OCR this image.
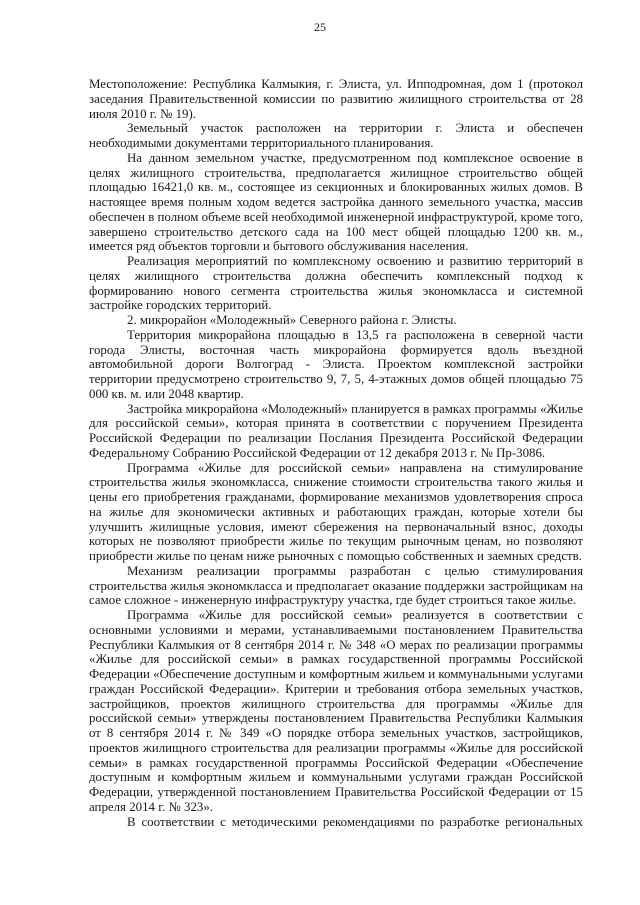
25

Местоположение: Республика Калмыкия, г. Элиста, ул. Ипподромная, дом 1 (протокол заседания Правительственной комиссии по развитию жилищного строительства от 28 июля 2010 г. № 19).

Земельный участок расположен на территории г. Элиста и обеспечен необходимыми документами территориального планирования.

На данном земельном участке, предусмотренном под комплексное освоение в целях жилищного строительства, предполагается жилищное строительство общей площадью 16421,0 кв. м., состоящее из секционных и блокированных жилых домов. В настоящее время полным ходом ведется застройка данного земельного участка, массив обеспечен в полном объеме всей необходимой инженерной инфраструктурой, кроме того, завершено строительство детского сада на 100 мест общей площадью 1200 кв. м., имеется ряд объектов торговли и бытового обслуживания населения.

Реализация мероприятий по комплексному освоению и развитию территорий в целях жилищного строительства должна обеспечить комплексный подход к формированию нового сегмента строительства жилья экономкласса и системной застройке городских территорий.

2. микрорайон «Молодежный» Северного района г. Элисты.

Территория микрорайона площадью в 13,5 га расположена в северной части города Элисты, восточная часть микрорайона формируется вдоль въездной автомобильной дороги Волгоград - Элиста. Проектом комплексной застройки территории предусмотрено строительство 9, 7, 5, 4-этажных домов общей площадью 75 000 кв. м. или 2048 квартир.

Застройка микрорайона «Молодежный» планируется в рамках программы «Жилье для российской семьи», которая принята в соответствии с поручением Президента Российской Федерации по реализации Послания Президента Российской Федерации Федеральному Собранию Российской Федерации от 12 декабря 2013 г. № Пр-3086.

Программа «Жилье для российской семьи» направлена на стимулирование строительства жилья экономкласса, снижение стоимости строительства такого жилья и цены его приобретения гражданами, формирование механизмов удовлетворения спроса на жилье для экономически активных и работающих граждан, которые хотели бы улучшить жилищные условия, имеют сбережения на первоначальный взнос, доходы которых не позволяют приобрести жилье по текущим рыночным ценам, но позволяют приобрести жилье по ценам ниже рыночных с помощью собственных и заемных средств.

Механизм реализации программы разработан с целью стимулирования строительства жилья экономкласса и предполагает оказание поддержки застройщикам на самое сложное - инженерную инфраструктуру участка, где будет строиться такое жилье.

Программа «Жилье для российской семьи» реализуется в соответствии с основными условиями и мерами, устанавливаемыми постановлением Правительства Республики Калмыкия от 8 сентября 2014 г. № 348 «О мерах по реализации программы «Жилье для российской семьи» в рамках государственной программы Российской Федерации «Обеспечение доступным и комфортным жильем и коммунальными услугами граждан Российской Федерации». Критерии и требования отбора земельных участков, застройщиков, проектов жилищного строительства для программы «Жилье для российской семьи» утверждены постановлением Правительства Республики Калмыкия от 8 сентября 2014 г. № 349 «О порядке отбора земельных участков, застройщиков, проектов жилищного строительства для реализации программы «Жилье для российской семьи» в рамках государственной программы Российской Федерации «Обеспечение доступным и комфортным жильем и коммунальными услугами граждан Российской Федерации, утвержденной постановлением Правительства Российской Федерации от 15 апреля 2014 г. № 323».

В соответствии с методическими рекомендациями по разработке региональных
